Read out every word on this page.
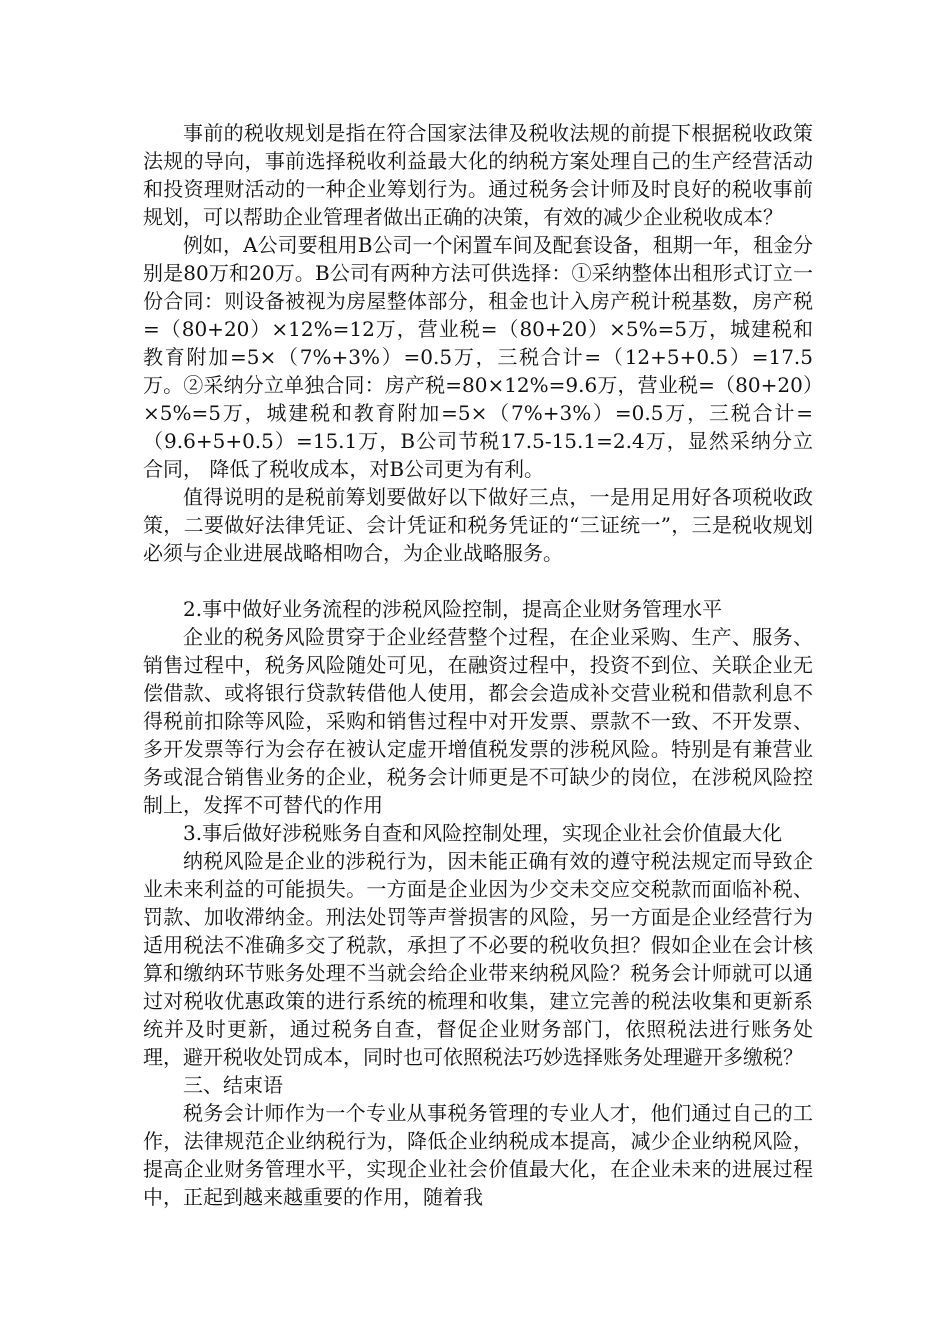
事前的税收规划是指在符合国家法律及税收法规的前提下根据税收政策法规的导向，事前选择税收利益最大化的纳税方案处理自己的生产经营活动和投资理财活动的一种企业筹划行为。通过税务会计师及时良好的税收事前规划，可以帮助企业管理者做出正确的决策，有效的减少企业税收成本？

例如，A公司要租用B公司一个闲置车间及配套设备，租期一年，租金分别是80万和20万。B公司有两种方法可供选择：①采纳整体出租形式订立一份合同：则设备被视为房屋整体部分，租金也计入房产税计税基数，房产税=（80+20）×12%=12万，营业税=（80+20）×5%=5万，城建税和教育附加=5×（7%+3%）=0.5万，三税合计=（12+5+0.5）=17.5万。②采纳分立单独合同：房产税=80×12%=9.6万，营业税=（80+20）×5%=5万，城建税和教育附加=5×（7%+3%）=0.5万，三税合计=（9.6+5+0.5）=15.1万，B公司节税17.5-15.1=2.4万，显然采纳分立合同， 降低了税收成本，对B公司更为有利。

值得说明的是税前筹划要做好以下做好三点，一是用足用好各项税收政策，二要做好法律凭证、会计凭证和税务凭证的“三证统一”，三是税收规划必须与企业进展战略相吻合，为企业战略服务。

2.事中做好业务流程的涉税风险控制，提高企业财务管理水平

企业的税务风险贯穿于企业经营整个过程，在企业采购、生产、服务、销售过程中，税务风险随处可见，在融资过程中，投资不到位、关联企业无偿借款、或将银行贷款转借他人使用，都会会造成补交营业税和借款利息不得税前扣除等风险，采购和销售过程中对开发票、票款不一致、不开发票、多开发票等行为会存在被认定虚开增值税发票的涉税风险。特别是有兼营业务或混合销售业务的企业，税务会计师更是不可缺少的岗位，在涉税风险控制上，发挥不可替代的作用

3.事后做好涉税账务自查和风险控制处理，实现企业社会价值最大化

纳税风险是企业的涉税行为，因未能正确有效的遵守税法规定而导致企业未来利益的可能损失。一方面是企业因为少交未交应交税款而面临补税、罚款、加收滞纳金。刑法处罚等声誉损害的风险，另一方面是企业经营行为适用税法不准确多交了税款，承担了不必要的税收负担？假如企业在会计核算和缴纳环节账务处理不当就会给企业带来纳税风险？税务会计师就可以通过对税收优惠政策的进行系统的梳理和收集，建立完善的税法收集和更新系统并及时更新，通过税务自查，督促企业财务部门，依照税法进行账务处理，避开税收处罚成本，同时也可依照税法巧妙选择账务处理避开多缴税？

三、结束语

税务会计师作为一个专业从事税务管理的专业人才，他们通过自己的工作，法律规范企业纳税行为，降低企业纳税成本提高，减少企业纳税风险，提高企业财务管理水平，实现企业社会价值最大化，在企业未来的进展过程中，正起到越来越重要的作用，随着我
